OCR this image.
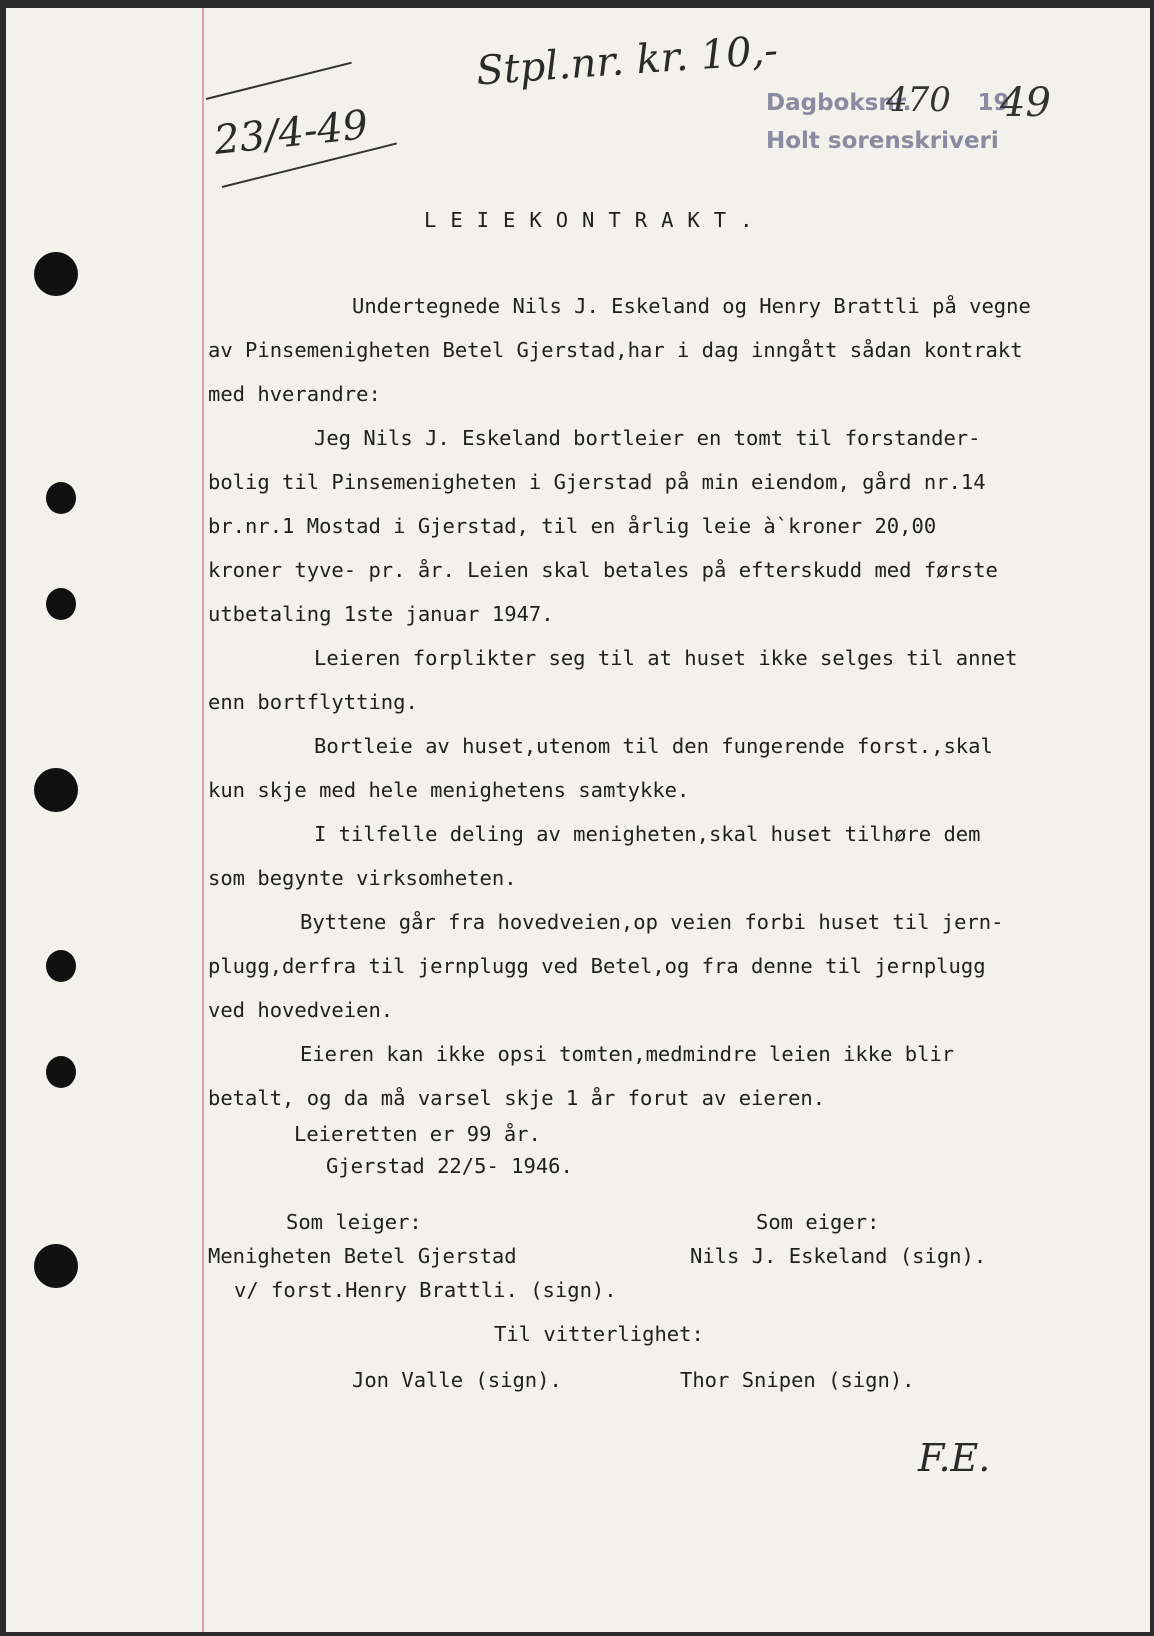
23/4-49
Stpl.nr. kr. 10,-
Dagboksnr.	19
Holt sorenskriveri
470 49
LEIEKONTRAKT.
Undertegnede Nils J. Eskeland og Henry Brattli på vegne
av Pinsemenigheten Betel Gjerstad,har i dag inngått sådan kontrakt
med hverandre:
Jeg Nils J. Eskeland bortleier en tomt til forstander-
bolig til Pinsemenigheten i Gjerstad på min eiendom, gård nr.14
br.nr.1 Mostad i Gjerstad, til en årlig leie à`kroner 20,00
kroner tyve- pr. år. Leien skal betales på efterskudd med første
utbetaling 1ste januar 1947.
Leieren forplikter seg til at huset ikke selges til annet
enn bortflytting.
Bortleie av huset,utenom til den fungerende forst.,skal
kun skje med hele menighetens samtykke.
I tilfelle deling av menigheten,skal huset tilhøre dem
som begynte virksomheten.
Byttene går fra hovedveien,op veien forbi huset til jern-
plugg,derfra til jernplugg ved Betel,og fra denne til jernplugg
ved hovedveien.
Eieren kan ikke opsi tomten,medmindre leien ikke blir
betalt, og da må varsel skje 1 år forut av eieren.
Leieretten er 99 år.
Gjerstad 22/5- 1946.
Som leiger:	Som eiger:
Menigheten Betel Gjerstad	Nils J. Eskeland (sign).
v/ forst.Henry Brattli. (sign).
Til vitterlighet:
Jon Valle (sign).	Thor Snipen (sign).
F.E.
